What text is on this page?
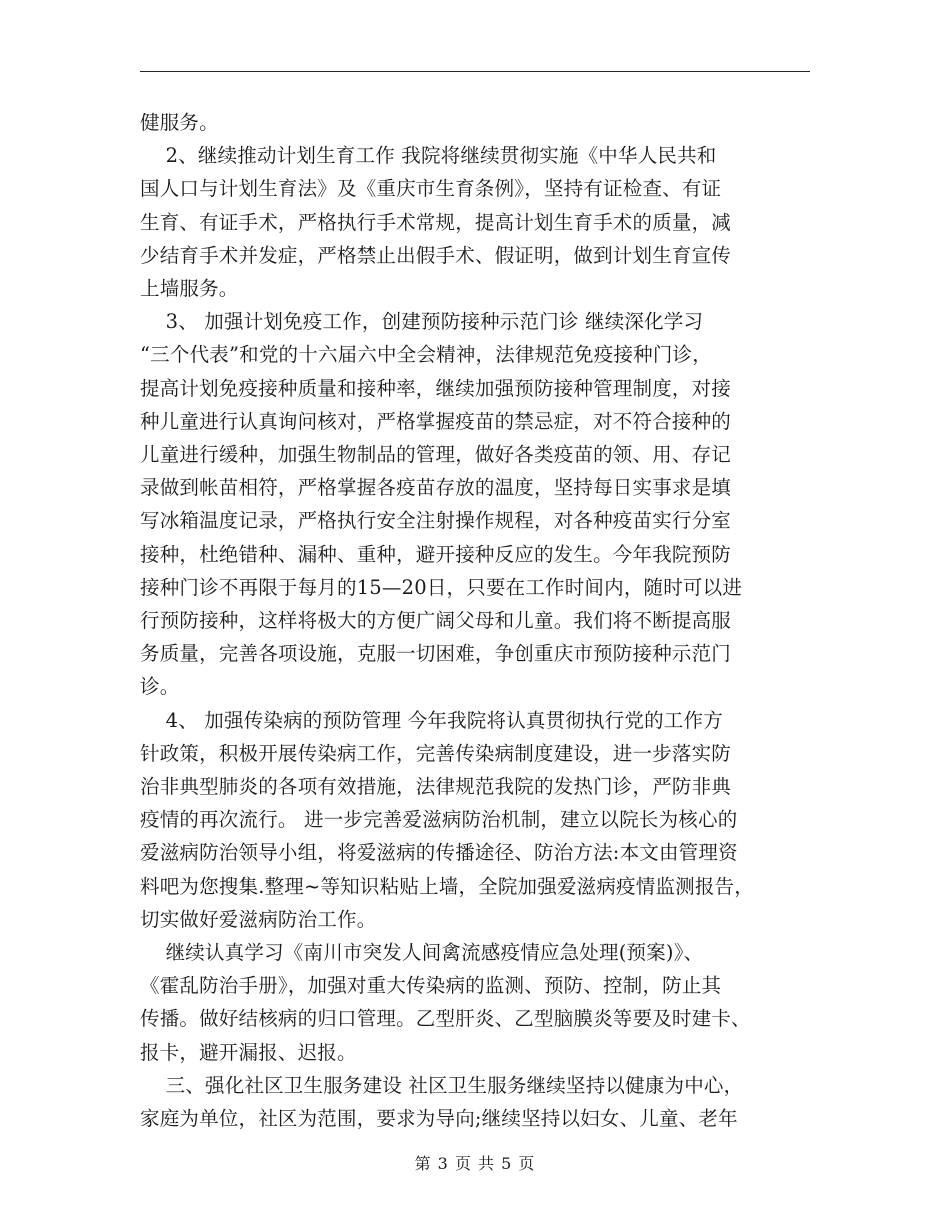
健服务。

2、继续推动计划生育工作 我院将继续贯彻实施《中华人民共和

国人口与计划生育法》及《重庆市生育条例》，坚持有证检查、有证

生育、有证手术，严格执行手术常规，提高计划生育手术的质量，减

少结育手术并发症，严格禁止出假手术、假证明，做到计划生育宣传

上墙服务。

3、 加强计划免疫工作，创建预防接种示范门诊 继续深化学习

“三个代表”和党的十六届六中全会精神，法律规范免疫接种门诊，

提高计划免疫接种质量和接种率，继续加强预防接种管理制度，对接

种儿童进行认真询问核对，严格掌握疫苗的禁忌症，对不符合接种的

儿童进行缓种，加强生物制品的管理，做好各类疫苗的领、用、存记

录做到帐苗相符，严格掌握各疫苗存放的温度，坚持每日实事求是填

写冰箱温度记录，严格执行安全注射操作规程，对各种疫苗实行分室

接种，杜绝错种、漏种、重种，避开接种反应的发生。今年我院预防

接种门诊不再限于每月的15—20日，只要在工作时间内，随时可以进

行预防接种，这样将极大的方便广阔父母和儿童。我们将不断提高服

务质量，完善各项设施，克服一切困难，争创重庆市预防接种示范门

诊。

4、 加强传染病的预防管理 今年我院将认真贯彻执行党的工作方

针政策，积极开展传染病工作，完善传染病制度建设，进一步落实防

治非典型肺炎的各项有效措施，法律规范我院的发热门诊，严防非典

疫情的再次流行。 进一步完善爱滋病防治机制，建立以院长为核心的

爱滋病防治领导小组，将爱滋病的传播途径、防治方法:本文由管理资

料吧为您搜集.整理~等知识粘贴上墙，全院加强爱滋病疫情监测报告，

切实做好爱滋病防治工作。

继续认真学习《南川市突发人间禽流感疫情应急处理(预案)》、

《霍乱防治手册》，加强对重大传染病的监测、预防、控制，防止其

传播。做好结核病的归口管理。乙型肝炎、乙型脑膜炎等要及时建卡、

报卡，避开漏报、迟报。

三、强化社区卫生服务建设 社区卫生服务继续坚持以健康为中心，

家庭为单位，社区为范围，要求为导向;继续坚持以妇女、儿童、老年

第 3 页 共 5 页
